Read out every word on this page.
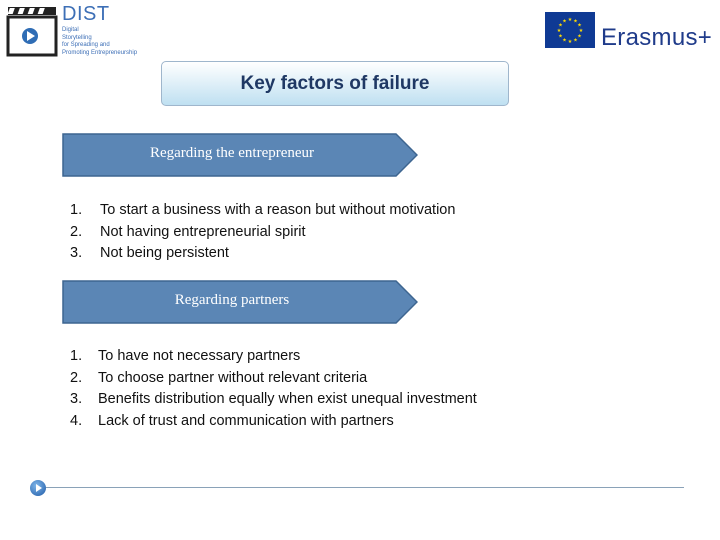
DIST
Digital
Storytelling
for Spreading and
Promoting Entrepreneurship
★ ★
★
★
★
★
★
★
★
★
★
★
Erasmus+
Key factors of failure
Regarding the entrepreneur
1. To start a business with a reason but without motivation
2. Not having entrepreneurial spirit
3. Not being persistent
Regarding partners
1. To have not necessary partners
2. To choose partner without relevant criteria
3. Benefits distribution equally when exist unequal investment
4. Lack of trust and communication with partners
